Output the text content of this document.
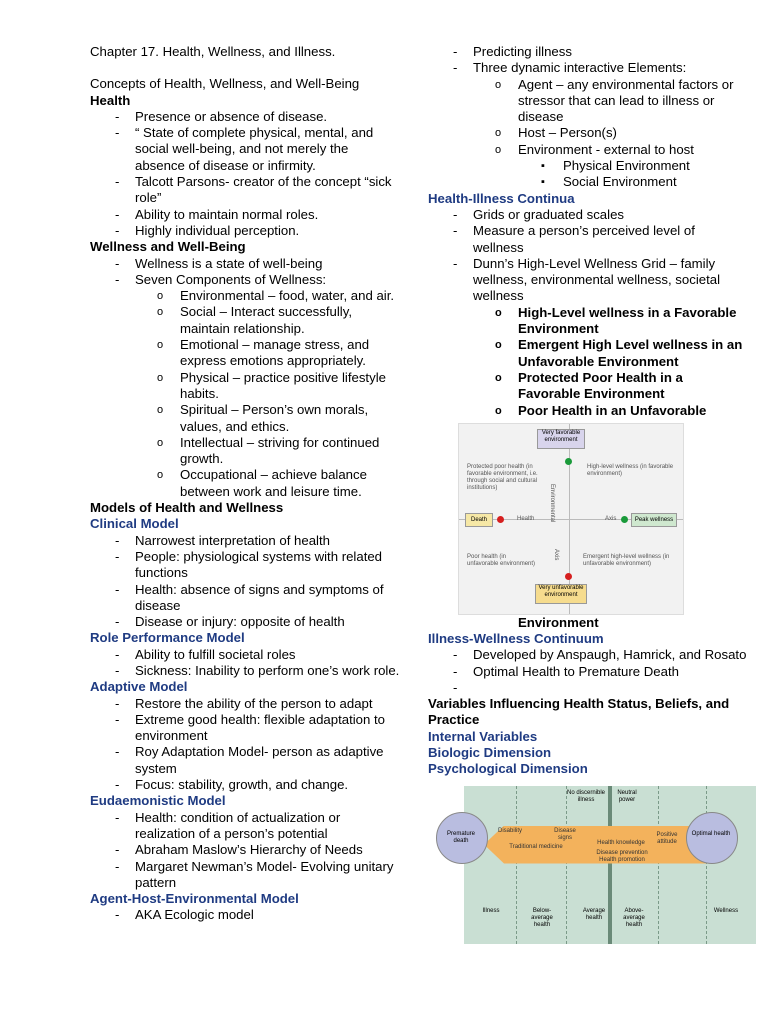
Chapter 17. Health, Wellness, and Illness.

Concepts of Health, Wellness, and Well-Being

Health

- Presence or absence of disease.
- “ State of complete physical, mental, and social well-being, and not merely the absence of disease or infirmity.
- Talcott Parsons- creator of the concept “sick role”
- Ability to maintain normal roles.
- Highly individual perception.

Wellness and Well-Being

- Wellness is a state of well-being
- Seven Components of Wellness:
o Environmental – food, water, and air.
o Social – Interact successfully, maintain relationship.
o Emotional – manage stress, and express emotions appropriately.
o Physical – practice positive lifestyle habits.
o Spiritual – Person’s own morals, values, and ethics.
o Intellectual – striving for continued growth.
o Occupational – achieve balance between work and leisure time.

Models of Health and Wellness

Clinical Model

- Narrowest interpretation of health
- People: physiological systems with related functions
- Health: absence of signs and symptoms of disease
- Disease or injury: opposite of health

Role Performance Model

- Ability to fulfill societal roles
- Sickness: Inability to perform one’s work role.

Adaptive Model

- Restore the ability of the person to adapt
- Extreme good health: flexible adaptation to environment
- Roy Adaptation Model- person as adaptive system
- Focus: stability, growth, and change.

Eudaemonistic Model

- Health: condition of actualization or realization of a person’s potential
- Abraham Maslow’s Hierarchy of Needs
- Margaret Newman’s Model- Evolving unitary pattern

Agent-Host-Environmental Model

- AKA Ecologic model
- Predicting illness
- Three dynamic interactive Elements:
o Agent – any environmental factors or stressor that can lead to illness or disease
o Host – Person(s)
o Environment - external to host
▪ Physical Environment
▪ Social Environment

Health-Illness Continua

- Grids or graduated scales
- Measure a person’s perceived level of wellness
- Dunn’s High-Level Wellness Grid – family wellness, environmental wellness, societal wellness
o High-Level wellness in a Favorable Environment
o Emergent High Level wellness in an Unfavorable Environment
o Protected Poor Health in a Favorable Environment
o Poor Health in an Unfavorable
Very favorable environment
Protected poor health (in favorable environment, i.e. through social and cultural institutions)
High-level wellness (in favorable environment)
Environmental
Death	Health	Axis	Peak wellness
Poor health (in unfavorable environment)
Emergent high-level wellness (in unfavorable environment)
Axis
Very unfavorable environment
Environment

Illness-Wellness Continuum

- Developed by Anspaugh, Hamrick, and Rosato
- Optimal Health to Premature Death
-

Variables Influencing Health Status, Beliefs, and Practice

Internal Variables

Biologic Dimension

Psychological Dimension

Premature death
Optimal health
No discernible illness
Neutral power
Disability	Disease signs
Traditional medicine
Health knowledge
Positive attitude
Disease prevention
Health promotion
Illness	Below-average health
Average health
Above-average health
Wellness
